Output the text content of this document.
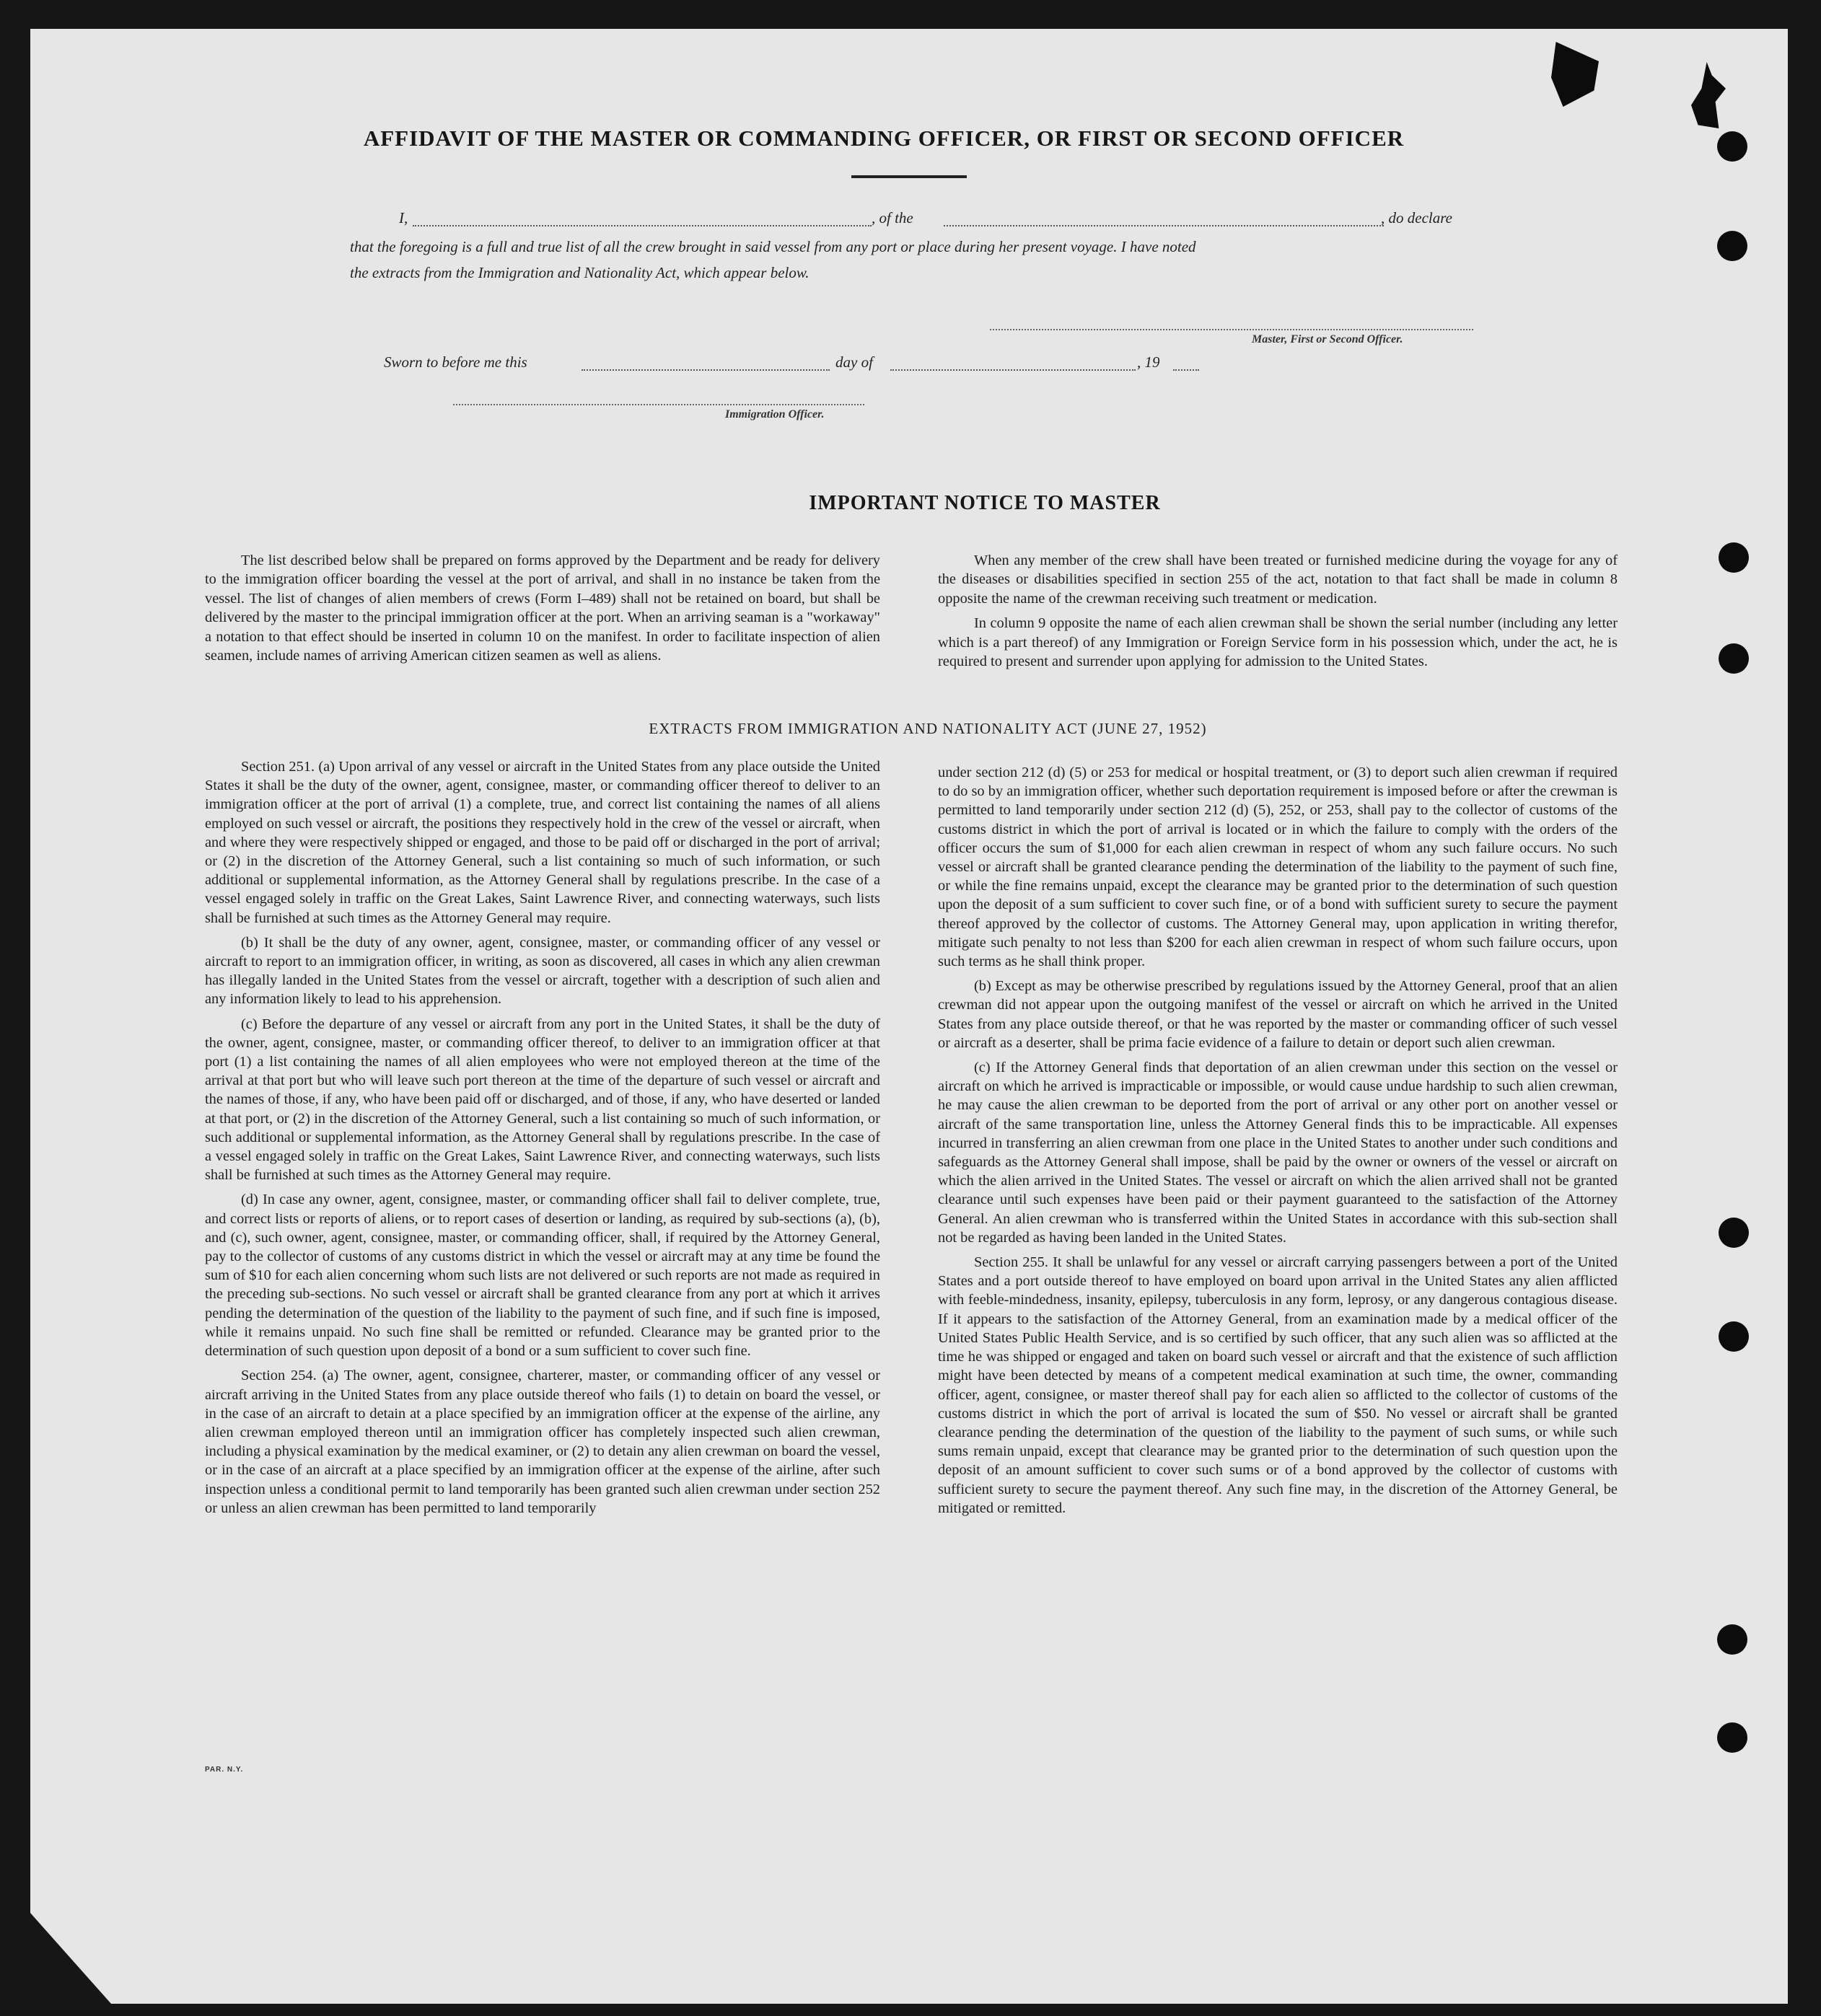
AFFIDAVIT OF THE MASTER OR COMMANDING OFFICER, OR FIRST OR SECOND OFFICER
I,	, of the	, do declare
that the foregoing is a full and true list of all the crew brought in said vessel from any port or place during her present voyage. I have noted
the extracts from the Immigration and Nationality Act, which appear below.
Master, First or Second Officer.
Sworn to before me this	day of	, 19
Immigration Officer.
IMPORTANT NOTICE TO MASTER

The list described below shall be prepared on forms approved by the Department and be ready for delivery to the immigration officer boarding the vessel at the port of arrival, and shall in no instance be taken from the vessel. The list of changes of alien members of crews (Form I–489) shall not be retained on board, but shall be delivered by the master to the principal immigration officer at the port. When an arriving seaman is a "workaway" a notation to that effect should be inserted in column 10 on the manifest. In order to facilitate inspection of alien seamen, include names of arriving American citizen seamen as well as aliens.

When any member of the crew shall have been treated or furnished medicine during the voyage for any of the diseases or disabilities specified in section 255 of the act, notation to that fact shall be made in column 8 opposite the name of the crewman receiving such treatment or medication.

In column 9 opposite the name of each alien crewman shall be shown the serial number (including any letter which is a part thereof) of any Immigration or Foreign Service form in his possession which, under the act, he is required to present and surrender upon applying for admission to the United States.

EXTRACTS FROM IMMIGRATION AND NATIONALITY ACT (JUNE 27, 1952)

Section 251. (a) Upon arrival of any vessel or aircraft in the United States from any place outside the United States it shall be the duty of the owner, agent, consignee, master, or commanding officer thereof to deliver to an immigration officer at the port of arrival (1) a complete, true, and correct list containing the names of all aliens employed on such vessel or aircraft, the positions they respectively hold in the crew of the vessel or aircraft, when and where they were respectively shipped or engaged, and those to be paid off or discharged in the port of arrival; or (2) in the discretion of the Attorney General, such a list containing so much of such information, or such additional or supplemental information, as the Attorney General shall by regulations prescribe. In the case of a vessel engaged solely in traffic on the Great Lakes, Saint Lawrence River, and connecting waterways, such lists shall be furnished at such times as the Attorney General may require.

(b) It shall be the duty of any owner, agent, consignee, master, or commanding officer of any vessel or aircraft to report to an immigration officer, in writing, as soon as discovered, all cases in which any alien crewman has illegally landed in the United States from the vessel or aircraft, together with a description of such alien and any information likely to lead to his apprehension.

(c) Before the departure of any vessel or aircraft from any port in the United States, it shall be the duty of the owner, agent, consignee, master, or commanding officer thereof, to deliver to an immigration officer at that port (1) a list containing the names of all alien employees who were not employed thereon at the time of the arrival at that port but who will leave such port thereon at the time of the departure of such vessel or aircraft and the names of those, if any, who have been paid off or discharged, and of those, if any, who have deserted or landed at that port, or (2) in the discretion of the Attorney General, such a list containing so much of such information, or such additional or supplemental information, as the Attorney General shall by regulations prescribe. In the case of a vessel engaged solely in traffic on the Great Lakes, Saint Lawrence River, and connecting waterways, such lists shall be furnished at such times as the Attorney General may require.

(d) In case any owner, agent, consignee, master, or commanding officer shall fail to deliver complete, true, and correct lists or reports of aliens, or to report cases of desertion or landing, as required by sub-sections (a), (b), and (c), such owner, agent, consignee, master, or commanding officer, shall, if required by the Attorney General, pay to the collector of customs of any customs district in which the vessel or aircraft may at any time be found the sum of $10 for each alien concerning whom such lists are not delivered or such reports are not made as required in the preceding sub-sections. No such vessel or aircraft shall be granted clearance from any port at which it arrives pending the determination of the question of the liability to the payment of such fine, and if such fine is imposed, while it remains unpaid. No such fine shall be remitted or refunded. Clearance may be granted prior to the determination of such question upon deposit of a bond or a sum sufficient to cover such fine.

Section 254. (a) The owner, agent, consignee, charterer, master, or commanding officer of any vessel or aircraft arriving in the United States from any place outside thereof who fails (1) to detain on board the vessel, or in the case of an aircraft to detain at a place specified by an immigration officer at the expense of the airline, any alien crewman employed thereon until an immigration officer has completely inspected such alien crewman, including a physical examination by the medical examiner, or (2) to detain any alien crewman on board the vessel, or in the case of an aircraft at a place specified by an immigration officer at the expense of the airline, after such inspection unless a conditional permit to land temporarily has been granted such alien crewman under section 252 or unless an alien crewman has been permitted to land temporarily

under section 212 (d) (5) or 253 for medical or hospital treatment, or (3) to deport such alien crewman if required to do so by an immigration officer, whether such deportation requirement is imposed before or after the crewman is permitted to land temporarily under section 212 (d) (5), 252, or 253, shall pay to the collector of customs of the customs district in which the port of arrival is located or in which the failure to comply with the orders of the officer occurs the sum of $1,000 for each alien crewman in respect of whom any such failure occurs. No such vessel or aircraft shall be granted clearance pending the determination of the liability to the payment of such fine, or while the fine remains unpaid, except the clearance may be granted prior to the determination of such question upon the deposit of a sum sufficient to cover such fine, or of a bond with sufficient surety to secure the payment thereof approved by the collector of customs. The Attorney General may, upon application in writing therefor, mitigate such penalty to not less than $200 for each alien crewman in respect of whom such failure occurs, upon such terms as he shall think proper.

(b) Except as may be otherwise prescribed by regulations issued by the Attorney General, proof that an alien crewman did not appear upon the outgoing manifest of the vessel or aircraft on which he arrived in the United States from any place outside thereof, or that he was reported by the master or commanding officer of such vessel or aircraft as a deserter, shall be prima facie evidence of a failure to detain or deport such alien crewman.

(c) If the Attorney General finds that deportation of an alien crewman under this section on the vessel or aircraft on which he arrived is impracticable or impossible, or would cause undue hardship to such alien crewman, he may cause the alien crewman to be deported from the port of arrival or any other port on another vessel or aircraft of the same transportation line, unless the Attorney General finds this to be impracticable. All expenses incurred in transferring an alien crewman from one place in the United States to another under such conditions and safeguards as the Attorney General shall impose, shall be paid by the owner or owners of the vessel or aircraft on which the alien arrived in the United States. The vessel or aircraft on which the alien arrived shall not be granted clearance until such expenses have been paid or their payment guaranteed to the satisfaction of the Attorney General. An alien crewman who is transferred within the United States in accordance with this sub-section shall not be regarded as having been landed in the United States.

Section 255. It shall be unlawful for any vessel or aircraft carrying passengers between a port of the United States and a port outside thereof to have employed on board upon arrival in the United States any alien afflicted with feeble-mindedness, insanity, epilepsy, tuberculosis in any form, leprosy, or any dangerous contagious disease. If it appears to the satisfaction of the Attorney General, from an examination made by a medical officer of the United States Public Health Service, and is so certified by such officer, that any such alien was so afflicted at the time he was shipped or engaged and taken on board such vessel or aircraft and that the existence of such affliction might have been detected by means of a competent medical examination at such time, the owner, commanding officer, agent, consignee, or master thereof shall pay for each alien so afflicted to the collector of customs of the customs district in which the port of arrival is located the sum of $50. No vessel or aircraft shall be granted clearance pending the determination of the question of the liability to the payment of such sums, or while such sums remain unpaid, except that clearance may be granted prior to the determination of such question upon the deposit of an amount sufficient to cover such sums or of a bond approved by the collector of customs with sufficient surety to secure the payment thereof. Any such fine may, in the discretion of the Attorney General, be mitigated or remitted.

PAR. N.Y.
